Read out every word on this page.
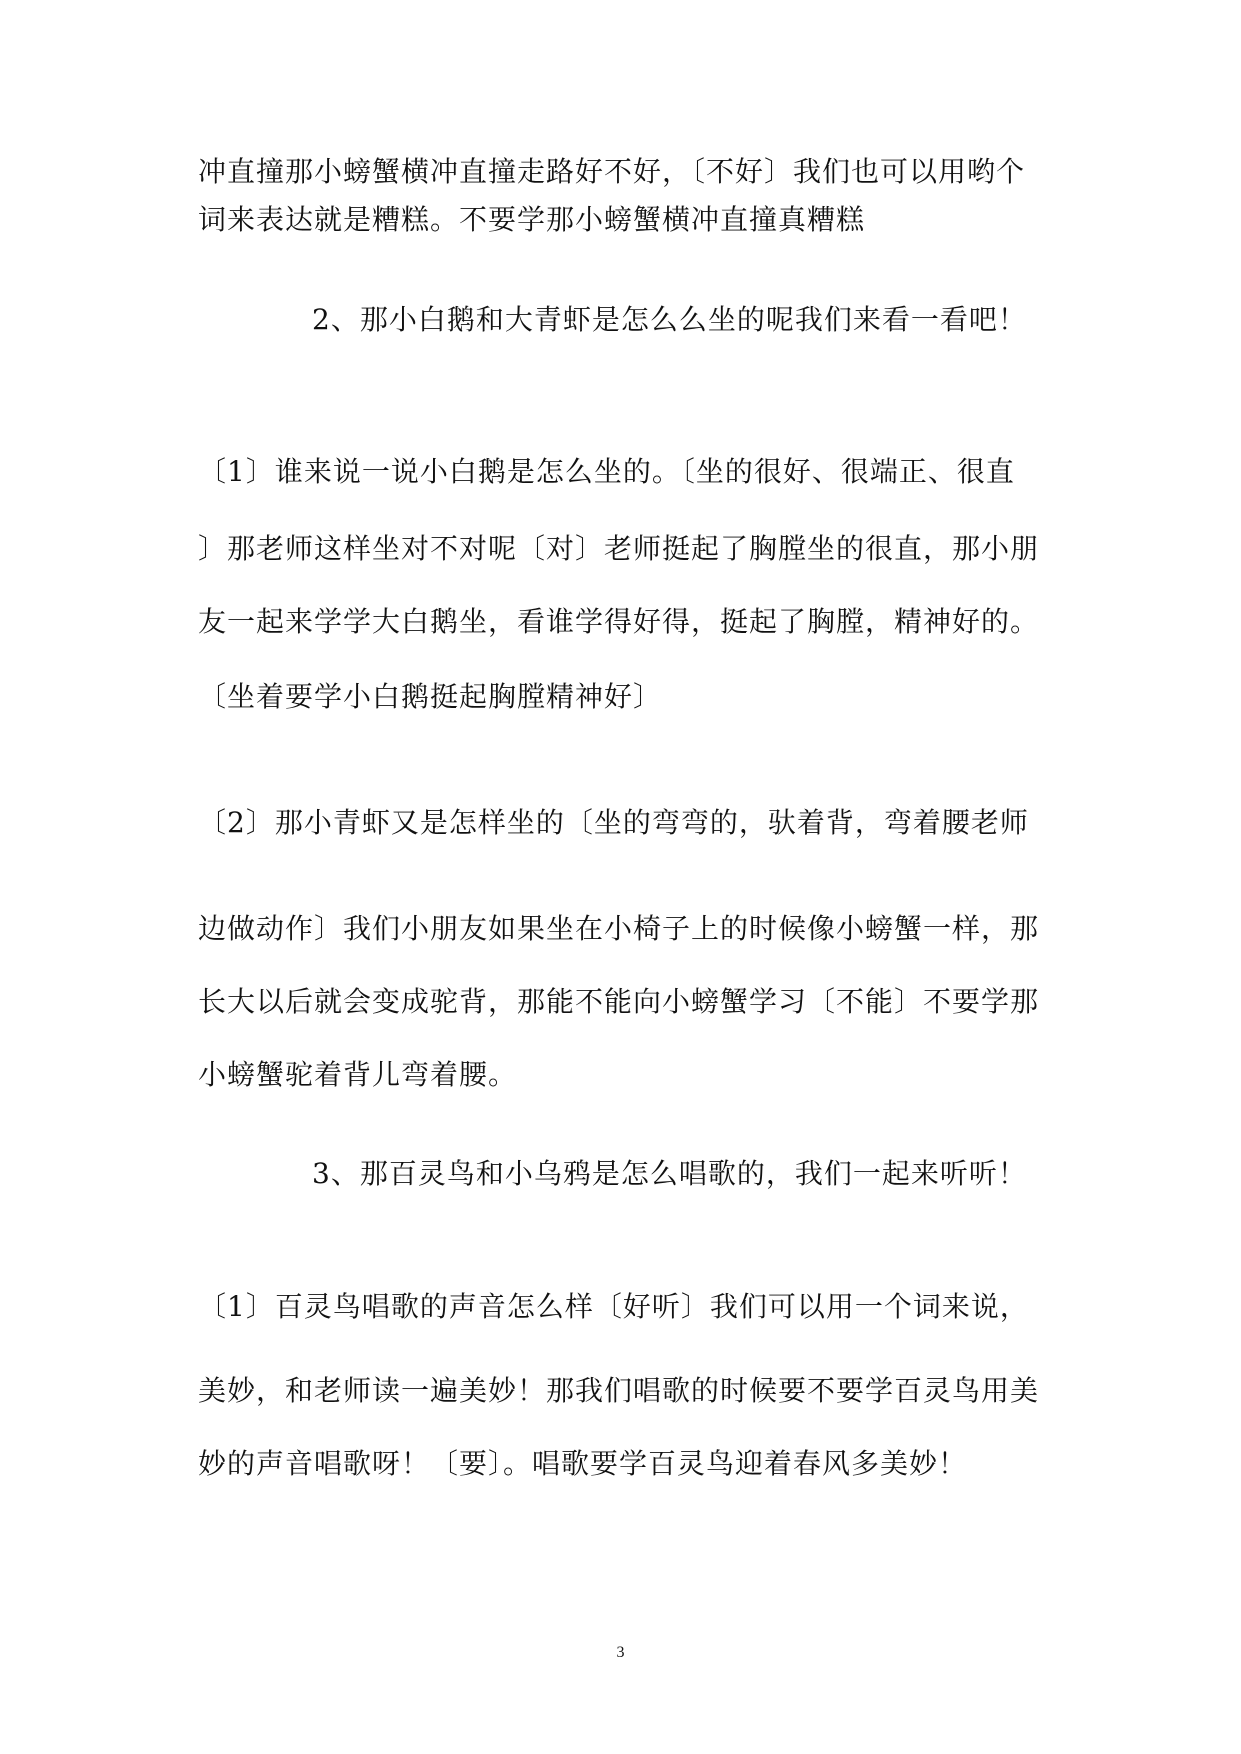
冲直撞那小螃蟹横冲直撞走路好不好，〔不好〕我们也可以用哟个
词来表达就是糟糕。不要学那小螃蟹横冲直撞真糟糕
2、那小白鹅和大青虾是怎么么坐的呢我们来看一看吧！
〔1〕谁来说一说小白鹅是怎么坐的。〔坐的很好、很端正、很直
〕那老师这样坐对不对呢〔对〕老师挺起了胸膛坐的很直，那小朋
友一起来学学大白鹅坐，看谁学得好得，挺起了胸膛，精神好的。
〔坐着要学小白鹅挺起胸膛精神好〕
〔2〕那小青虾又是怎样坐的〔坐的弯弯的，驮着背，弯着腰老师
边做动作〕我们小朋友如果坐在小椅子上的时候像小螃蟹一样，那
长大以后就会变成驼背，那能不能向小螃蟹学习〔不能〕不要学那
小螃蟹驼着背儿弯着腰。
3、那百灵鸟和小乌鸦是怎么唱歌的，我们一起来听听！
〔1〕百灵鸟唱歌的声音怎么样〔好听〕我们可以用一个词来说，
美妙，和老师读一遍美妙！那我们唱歌的时候要不要学百灵鸟用美
妙的声音唱歌呀！〔要〕。唱歌要学百灵鸟迎着春风多美妙！
3
